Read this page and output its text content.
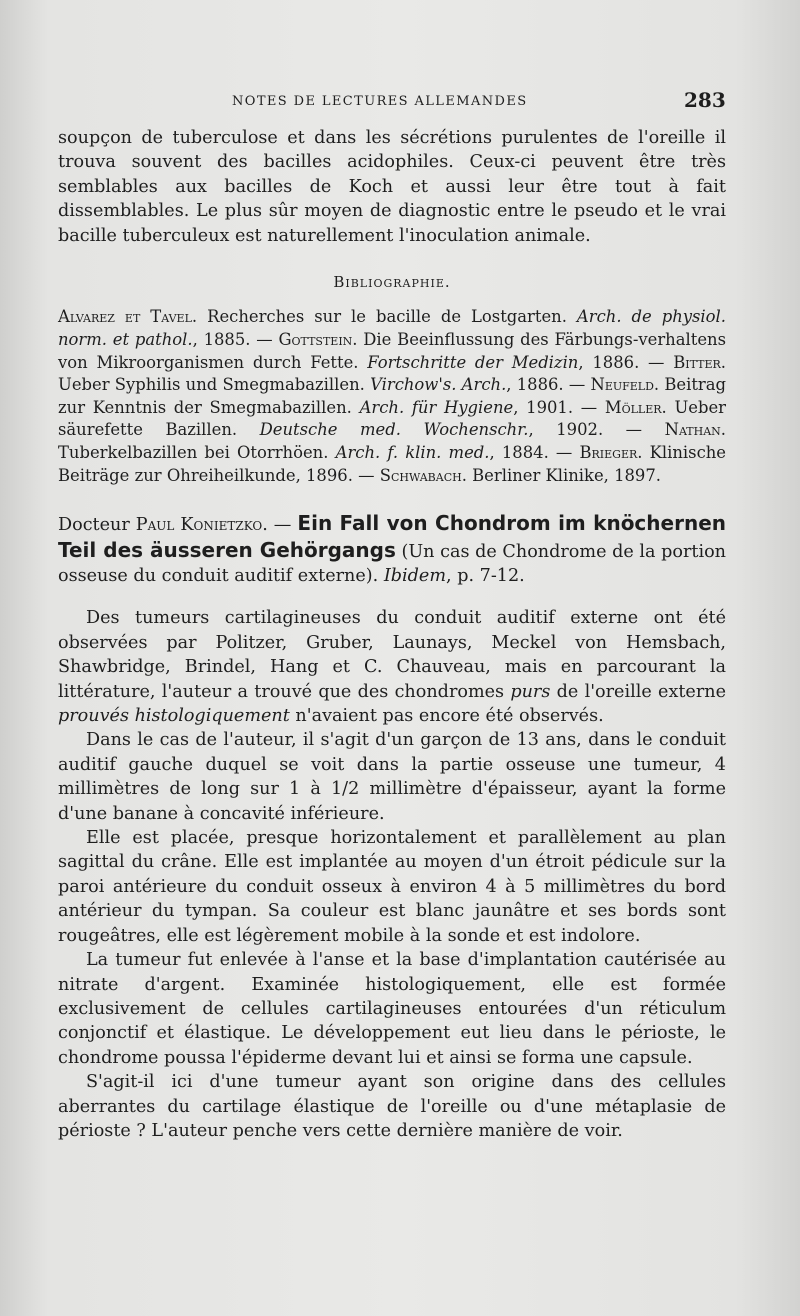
NOTES DE LECTURES ALLEMANDES	283

soupçon de tuberculose et dans les sécrétions purulentes de l'oreille il trouva souvent des bacilles acidophiles. Ceux-ci peuvent être très semblables aux bacilles de Koch et aussi leur être tout à fait dissemblables. Le plus sûr moyen de diagnostic entre le pseudo et le vrai bacille tuberculeux est naturellement l'inoculation animale.

Bibliographie.

Alvarez et Tavel. Recherches sur le bacille de Lostgarten. Arch. de physiol. norm. et pathol., 1885. — Gottstein. Die Beeinflussung des Färbungs-verhaltens von Mikroorganismen durch Fette. Fortschritte der Medizin, 1886. — Bitter. Ueber Syphilis und Smegmabazillen. Virchow's. Arch., 1886. — Neufeld. Beitrag zur Kenntnis der Smegmabazillen. Arch. für Hygiene, 1901. — Möller. Ueber säurefette Bazillen. Deutsche med. Wochenschr., 1902. — Nathan. Tuberkelbazillen bei Otorrhöen. Arch. f. klin. med., 1884. — Brieger. Klinische Beiträge zur Ohreiheilkunde, 1896. — Schwabach. Berliner Klinike, 1897.

Docteur Paul Konietzko. — Ein Fall von Chondrom im knöchernen Teil des äusseren Gehörgangs (Un cas de Chondrome de la portion osseuse du conduit auditif externe). Ibidem, p. 7-12.

Des tumeurs cartilagineuses du conduit auditif externe ont été observées par Politzer, Gruber, Launays, Meckel von Hemsbach, Shawbridge, Brindel, Hang et C. Chauveau, mais en parcourant la littérature, l'auteur a trouvé que des chondromes purs de l'oreille externe prouvés histologiquement n'avaient pas encore été observés.

Dans le cas de l'auteur, il s'agit d'un garçon de 13 ans, dans le conduit auditif gauche duquel se voit dans la partie osseuse une tumeur, 4 millimètres de long sur 1 à 1/2 millimètre d'épaisseur, ayant la forme d'une banane à concavité inférieure.

Elle est placée, presque horizontalement et parallèlement au plan sagittal du crâne. Elle est implantée au moyen d'un étroit pédicule sur la paroi antérieure du conduit osseux à environ 4 à 5 millimètres du bord antérieur du tympan. Sa couleur est blanc jaunâtre et ses bords sont rougeâtres, elle est légèrement mobile à la sonde et est indolore.

La tumeur fut enlevée à l'anse et la base d'implantation cautérisée au nitrate d'argent. Examinée histologiquement, elle est formée exclusivement de cellules cartilagineuses entourées d'un réticulum conjonctif et élastique. Le développement eut lieu dans le périoste, le chondrome poussa l'épiderme devant lui et ainsi se forma une capsule.

S'agit-il ici d'une tumeur ayant son origine dans des cellules aberrantes du cartilage élastique de l'oreille ou d'une métaplasie de périoste ? L'auteur penche vers cette dernière manière de voir.
